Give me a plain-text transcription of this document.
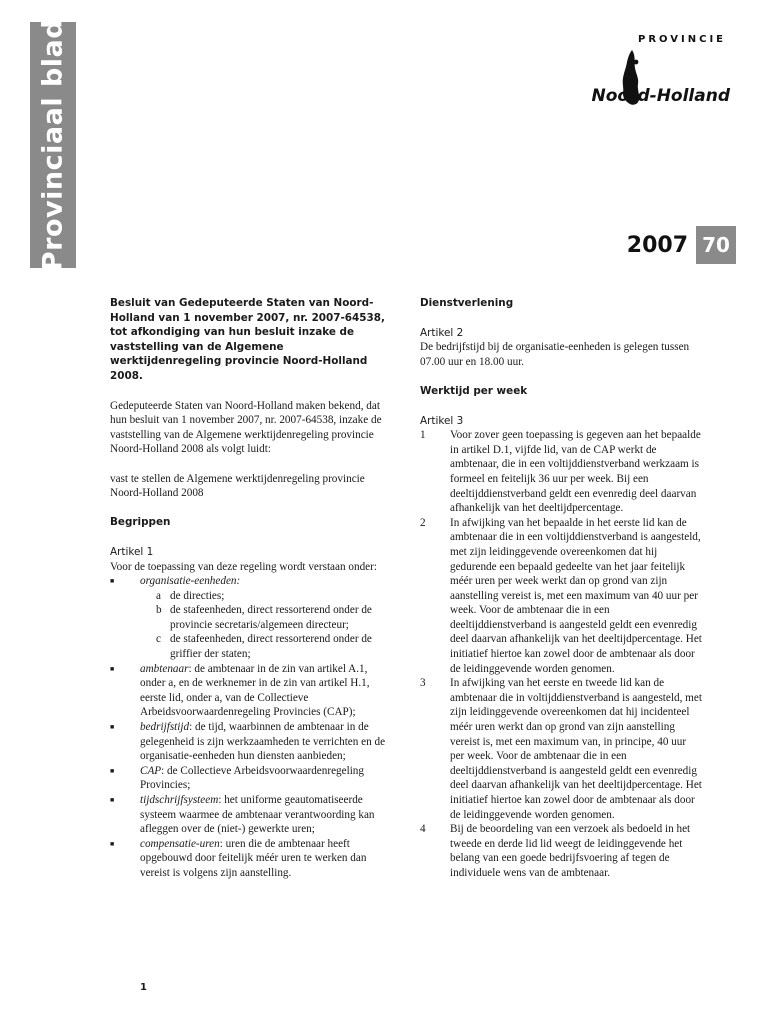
Provinciaal blad	PROVINCIE
Noord-Holland
2007 70
Besluit van Gedeputeerde Staten van Noord-Holland van 1 november 2007, nr. 2007-64538, tot afkondiging van hun besluit inzake de vaststelling van de Algemene werktijdenregeling provincie Noord-Holland 2008.

Gedeputeerde Staten van Noord-Holland maken bekend, dat hun besluit van 1 november 2007, nr. 2007-64538, inzake de vaststelling van de Algemene werktijdenregeling provincie Noord-Holland 2008 als volgt luidt:

vast te stellen de Algemene werktijdenregeling provincie Noord-Holland 2008

Begrippen
Artikel 1
Voor de toepassing van deze regeling wordt verstaan onder:
■	organisatie-eenheden:
a de directies;
b de stafeenheden, direct ressorterend onder de provincie secretaris/algemeen directeur;
c de stafeenheden, direct ressorterend onder de griffier der staten;
■	ambtenaar: de ambtenaar in de zin van artikel A.1, onder a, en de werknemer in de zin van artikel H.1, eerste lid, onder a, van de Collectieve Arbeidsvoorwaardenregeling Provincies (CAP);
■	bedrijfstijd: de tijd, waarbinnen de ambtenaar in de gelegenheid is zijn werkzaamheden te verrichten en de organisatie-eenheden hun diensten aanbieden;
■	CAP: de Collectieve Arbeidsvoorwaardenregeling Provincies;
■	tijdschrijfsysteem: het uniforme geautomatiseerde systeem waarmee de ambtenaar verantwoording kan afleggen over de (niet-) gewerkte uren;
■	compensatie-uren: uren die de ambtenaar heeft opgebouwd door feitelijk méér uren te werken dan vereist is volgens zijn aanstelling.
Dienstverlening
Artikel 2

De bedrijfstijd bij de organisatie-eenheden is gelegen tussen 07.00 uur en 18.00 uur.

Werktijd per week
Artikel 3
1	Voor zover geen toepassing is gegeven aan het bepaalde in artikel D.1, vijfde lid, van de CAP werkt de ambtenaar, die in een voltijddienstverband werkzaam is formeel en feitelijk 36 uur per week. Bij een deeltijddienstverband geldt een evenredig deel daarvan afhankelijk van het deeltijdpercentage.
2	In afwijking van het bepaalde in het eerste lid kan de ambtenaar die in een voltijddienstverband is aangesteld, met zijn leidinggevende overeenkomen dat hij gedurende een bepaald gedeelte van het jaar feitelijk méér uren per week werkt dan op grond van zijn aanstelling vereist is, met een maximum van 40 uur per week. Voor de ambtenaar die in een deeltijddienstverband is aangesteld geldt een evenredig deel daarvan afhankelijk van het deeltijdpercentage. Het initiatief hiertoe kan zowel door de ambtenaar als door de leidinggevende worden genomen.
3	In afwijking van het eerste en tweede lid kan de ambtenaar die in voltijddienstverband is aangesteld, met zijn leidinggevende overeenkomen dat hij incidenteel méér uren werkt dan op grond van zijn aanstelling vereist is, met een maximum van, in principe, 40 uur per week. Voor de ambtenaar die in een deeltijddienstverband is aangesteld geldt een evenredig deel daarvan afhankelijk van het deeltijdpercentage. Het initiatief hiertoe kan zowel door de ambtenaar als door de leidinggevende worden genomen.
4	Bij de beoordeling van een verzoek als bedoeld in het tweede en derde lid lid weegt de leidinggevende het belang van een goede bedrijfsvoering af tegen de individuele wens van de ambtenaar.
1
